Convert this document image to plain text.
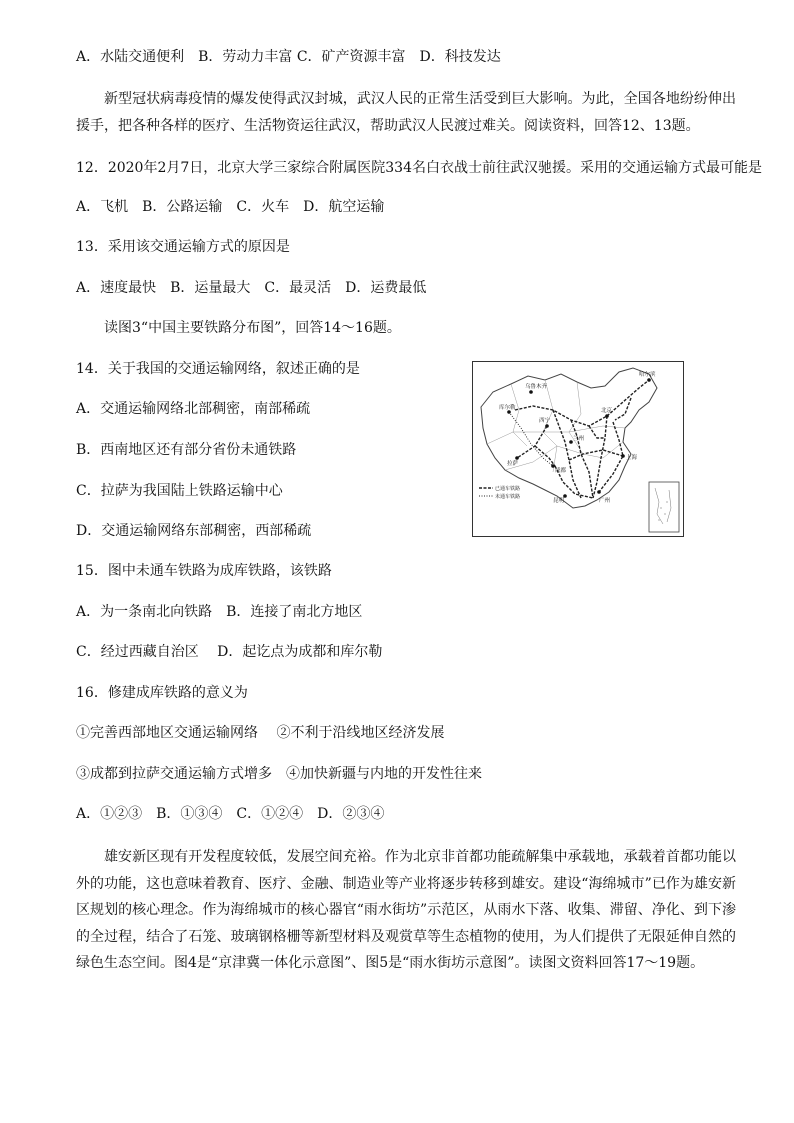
A．水陆交通便利　B．劳动力丰富 C．矿产资源丰富　D．科技发达
新型冠状病毒疫情的爆发使得武汉封城，武汉人民的正常生活受到巨大影响。为此，全国各地纷纷伸出援手，把各种各样的医疗、生活物资运往武汉，帮助武汉人民渡过难关。阅读资料，回答12、13题。
12．2020年2月7日，北京大学三家综合附属医院334名白衣战士前往武汉驰援。采用的交通运输方式最可能是
A．飞机　B．公路运输　C．火车　D．航空运输
13．采用该交通运输方式的原因是
A．速度最快　B．运量最大　C．最灵活　D．运费最低
读图3“中国主要铁路分布图”，回答14～16题。
14．关于我国的交通运输网络，叙述正确的是
A．交通运输网络北部稠密，南部稀疏
B．西南地区还有部分省份未通铁路
C．拉萨为我国陆上铁路运输中心
D．交通运输网络东部稠密，西部稀疏
乌鲁木齐
库尔勒
哈尔滨
北京
西宁
兰州
拉萨
成都
上海
昆明	广州
已通车铁路
未通车铁路
15．图中未通车铁路为成库铁路，该铁路
A．为一条南北向铁路　B．连接了南北方地区
C．经过西藏自治区　 D．起讫点为成都和库尔勒
16．修建成库铁路的意义为
①完善西部地区交通运输网络　 ②不利于沿线地区经济发展
③成都到拉萨交通运输方式增多　④加快新疆与内地的开发性往来
A．①②③　B．①③④　C．①②④　D．②③④
雄安新区现有开发程度较低，发展空间充裕。作为北京非首都功能疏解集中承载地，承载着首都功能以外的功能，这也意味着教育、医疗、金融、制造业等产业将逐步转移到雄安。建设“海绵城市”已作为雄安新区规划的核心理念。作为海绵城市的核心器官“雨水街坊”示范区，从雨水下落、收集、滞留、净化、到下渗的全过程，结合了石笼、玻璃钢格栅等新型材料及观赏草等生态植物的使用，为人们提供了无限延伸自然的绿色生态空间。图4是“京津冀一体化示意图”、图5是“雨水街坊示意图”。读图文资料回答17～19题。
